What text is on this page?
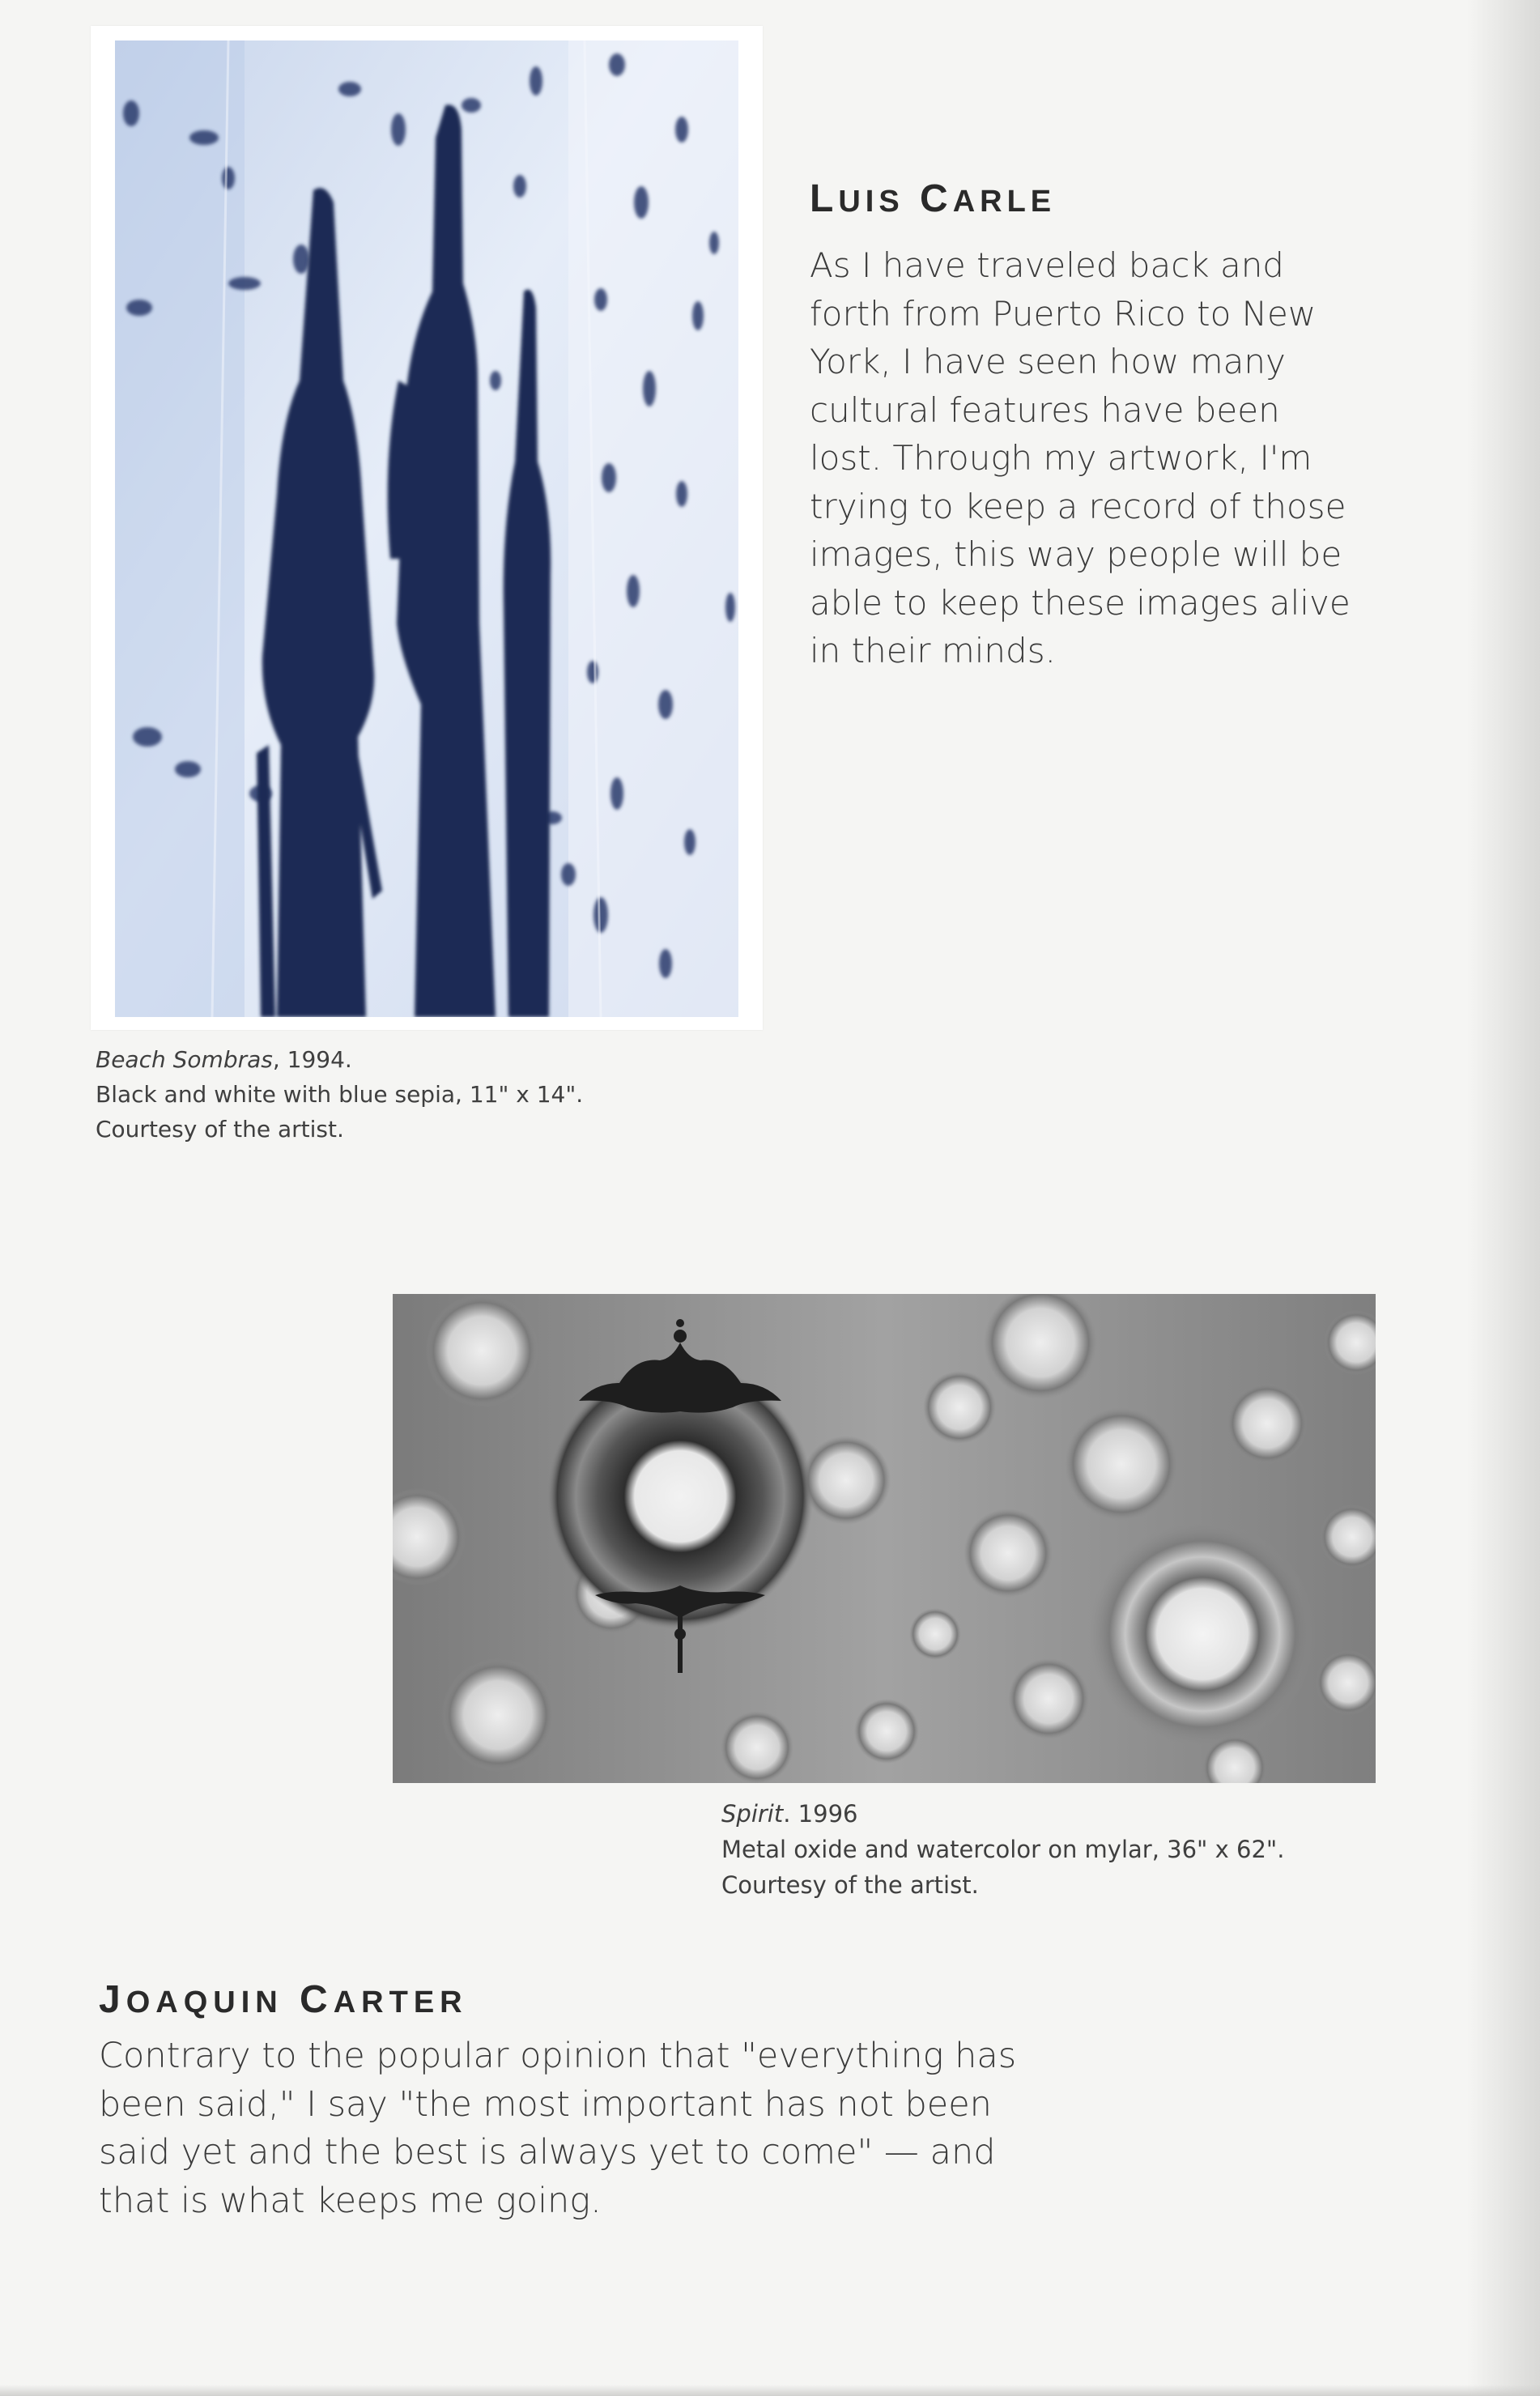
LUIS CARLE

As I have traveled back and forth from Puerto Rico to New York, I have seen how many cultural features have been lost. Through my artwork, I'm trying to keep a record of those images, this way people will be able to keep these images alive in their minds.

Beach Sombras, 1994.
Black and white with blue sepia, 11" x 14".
Courtesy of the artist.
Spirit. 1996
Metal oxide and watercolor on mylar, 36" x 62".
Courtesy of the artist.
JOAQUIN CARTER

Contrary to the popular opinion that "everything has been said," I say "the most important has not been said yet and the best is always yet to come" — and that is what keeps me going.
